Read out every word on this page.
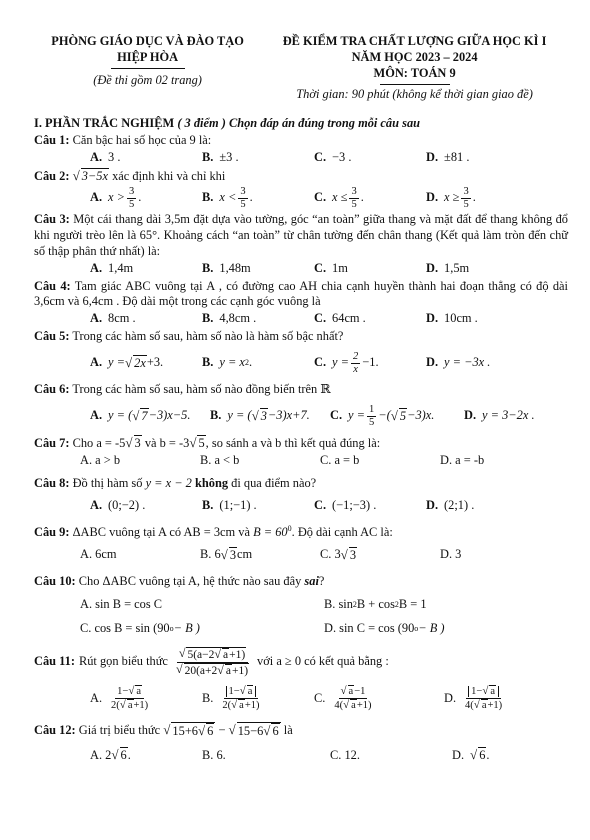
PHÒNG GIÁO DỤC VÀ ĐÀO TẠO
HIỆP HÒA
(Đề thi gồm 02 trang)
ĐỀ KIỂM TRA CHẤT LƯỢNG GIỮA HỌC KÌ I
NĂM HỌC 2023 – 2024
MÔN: TOÁN 9
Thời gian: 90 phút (không kể thời gian giao đề)
I. PHẦN TRẮC NGHIỆM ( 3 điểm ) Chọn đáp án đúng trong mỗi câu sau
Câu 1: Căn bậc hai số học của 9 là:
A. 3 .	B. ±3 .	C. −3 .	D. ±81 .
Câu 2: √ 3−5x xác định khi và chỉ khi
A. $x > \frac{3}{5}$ .	B. $x < \frac{3}{5}$ .	C. $x \le \frac{3}{5}$ .	D. $x \ge \frac{3}{5}$ .
Câu 3: Một cái thang dài 3,5m đặt dựa vào tường, góc “an toàn” giữa thang và mặt đất để thang không đổ khi người trèo lên là 65°. Khoảng cách “an toàn” từ chân tường đến chân thang (Kết quả làm tròn đến chữ số thập phân thứ nhất) là:
A. 1,4m	B. 1,48m	C. 1m	D. 1,5m
Câu 4: Tam giác ABC vuông tại A , có đường cao AH chia cạnh huyền thành hai đoạn thẳng có độ dài 3,6cm và 6,4cm . Độ dài một trong các cạnh góc vuông là
A. 8cm .	B. 4,8cm .	C. 64cm .	D. 10cm .
Câu 5: Trong các hàm số sau, hàm số nào là hàm số bậc nhất?
A. y = √ 2x +3.	B. y = x 2 .	C. $y = \frac{2}{x} -1$.	D. y = −3x .
Câu 6: Trong các hàm số sau, hàm số nào đồng biến trên ℝ
A. y = ( √ 7 −3)x−5. B. y = ( √ 3 −3)x+7. C. $y = \frac{1}{5}$ −( √ 5 −3)x. D. y = 3−2x .
Câu 7: Cho a = -5 √ 3 và b = -3 √ 5 , so sánh a và b thì kết quả đúng là:
A. a > b	B. a < b	C. a = b	D. a = -b
Câu 8: Đồ thị hàm số y = x − 2 không đi qua điểm nào?
A. (0;−2) .	B. (1;−1) .	C. (−1;−3) .	D. (2;1) .
Câu 9: ΔABC vuông tại A có AB = 3cm và $B = 60^0$. Độ dài cạnh AC là:
A. 6cm	B. 6 √ 3 cm	C. 3 √ 3	D. 3
Câu 10: Cho ΔABC vuông tại A, hệ thức nào sau đây sai?
A. sin B = cos C	B. sin 2 B + cos 2 B = 1
C. cos B = sin (90 o − B )	D. sin C = cos (90 o − B )
Câu 11: Rút gọn biểu thức $\frac{√ 5(a-2 √ a +1)}{√ 20(a+2 √ a +1)}$ với a ≥ 0 có kết quả bằng :
A. $\frac{1- √ a}{2( √ a +1)}$	B. $\frac{1- √ a}{2( √ a +1)}$	C. $\frac{√ a -1}{4( √ a +1)}$	D. $\frac{1- √ a}{4( √ a +1)}$
Câu 12: Giá trị biểu thức √ 15+6 √ 6 − √ 15−6 √ 6 là
A. 2 √ 6 .	B. 6.	C. 12.	D. √ 6 .
